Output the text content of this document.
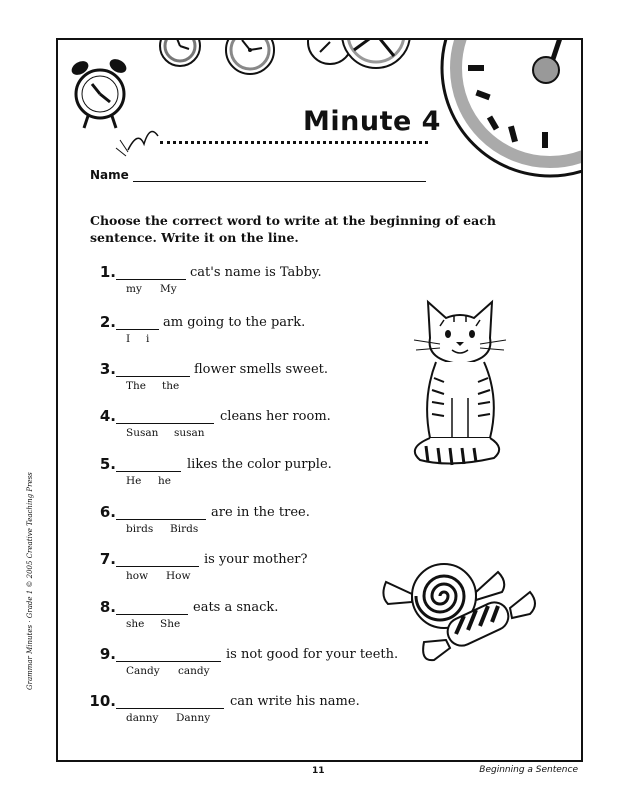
Minute 4
Name
Choose the correct word to write at the beginning of each sentence. Write it on the line.
1.	cat's name is Tabby.
my My
2.	am going to the park.
I i
3.	flower smells sweet.
The the
4.	cleans her room.
Susan susan
5.	likes the color purple.
He he
6.	are in the tree.
birds Birds
7.	is your mother?
how How
8.	eats a snack.
she She
9.	is not good for your teeth.
Candy candy
10.	can write his name.
danny Danny
11	Beginning a Sentence
Grammar Minutes · Grade 1 © 2005 Creative Teaching Press
